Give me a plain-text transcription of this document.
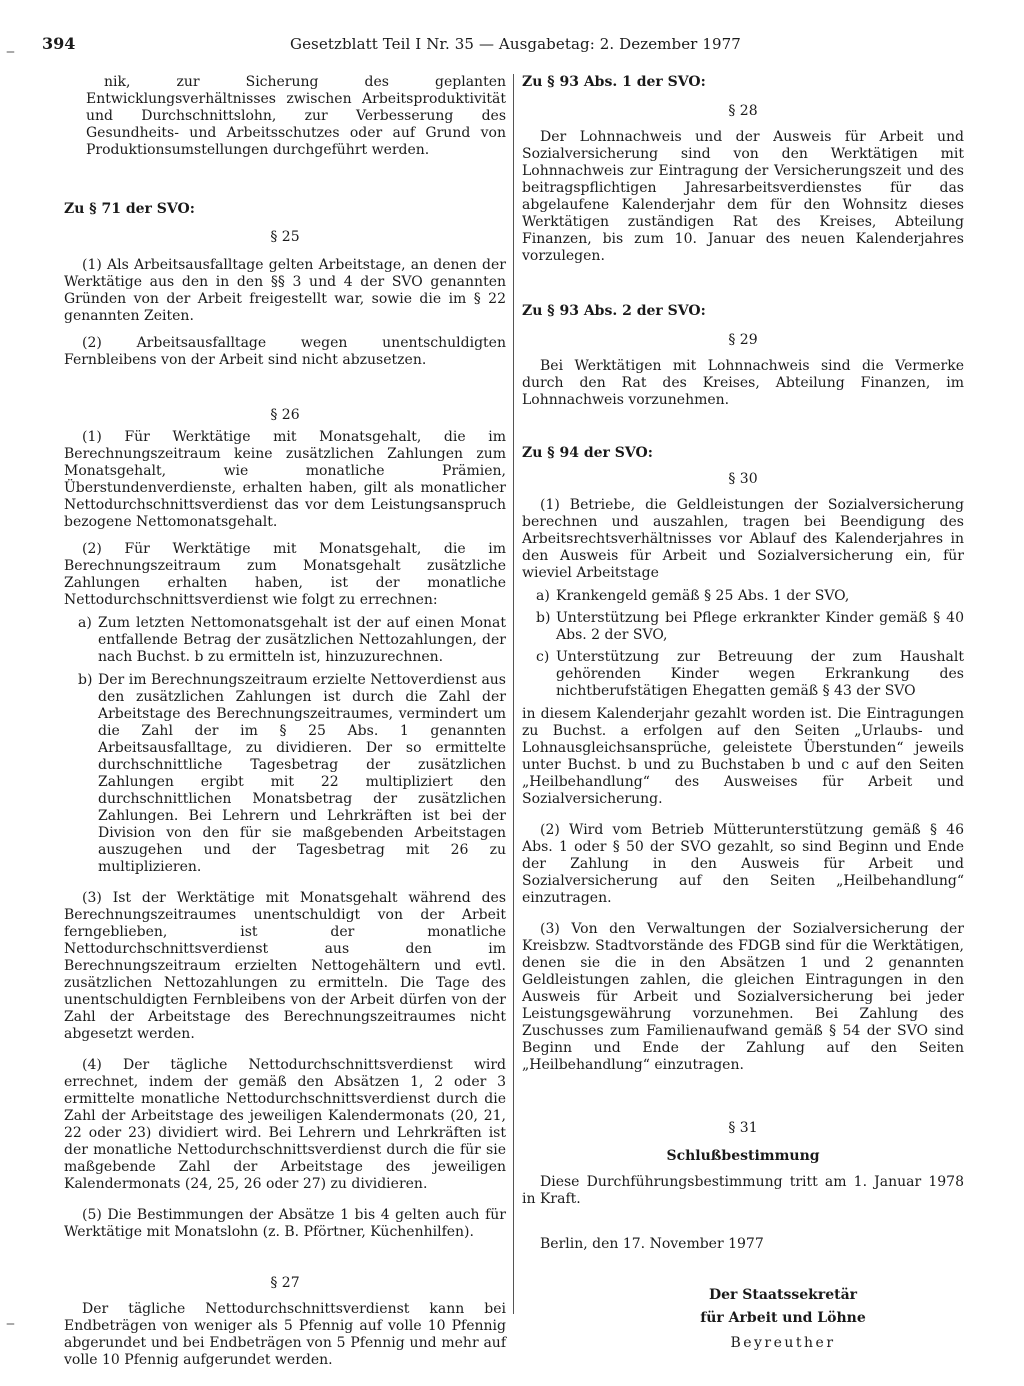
394	Gesetzblatt Teil I Nr. 35 — Ausgabetag: 2. Dezember 1977

nik, zur Sicherung des geplanten Entwicklungsverhältnisses zwischen Arbeitsproduktivität und Durchschnittslohn, zur Verbesserung des Gesundheits- und Arbeitsschutzes oder auf Grund von Produktionsumstellungen durchgeführt werden.

Zu § 71 der SVO:

§ 25

(1) Als Arbeitsausfalltage gelten Arbeitstage, an denen der Werktätige aus den in den §§ 3 und 4 der SVO genannten Gründen von der Arbeit freigestellt war, sowie die im § 22 genannten Zeiten.

(2) Arbeitsausfalltage wegen unentschuldigten Fernbleibens von der Arbeit sind nicht abzusetzen.

§ 26

(1) Für Werktätige mit Monatsgehalt, die im Berechnungszeitraum keine zusätzlichen Zahlungen zum Monatsgehalt, wie monatliche Prämien, Überstundenverdienste, erhalten haben, gilt als monatlicher Nettodurchschnittsverdienst das vor dem Leistungsanspruch bezogene Nettomonatsgehalt.

(2) Für Werktätige mit Monatsgehalt, die im Berechnungszeitraum zum Monatsgehalt zusätzliche Zahlungen erhalten haben, ist der monatliche Nettodurchschnittsverdienst wie folgt zu errechnen:

a) Zum letzten Nettomonatsgehalt ist der auf einen Monat entfallende Betrag der zusätzlichen Nettozahlungen, der nach Buchst. b zu ermitteln ist, hinzuzurechnen.
b) Der im Berechnungszeitraum erzielte Nettoverdienst aus den zusätzlichen Zahlungen ist durch die Zahl der Arbeitstage des Berechnungszeitraumes, vermindert um die Zahl der im § 25 Abs. 1 genannten Arbeitsausfalltage, zu dividieren. Der so ermittelte durchschnittliche Tagesbetrag der zusätzlichen Zahlungen ergibt mit 22 multipliziert den durchschnittlichen Monatsbetrag der zusätzlichen Zahlungen. Bei Lehrern und Lehrkräften ist bei der Division von den für sie maßgebenden Arbeitstagen auszugehen und der Tagesbetrag mit 26 zu multiplizieren.

(3) Ist der Werktätige mit Monatsgehalt während des Berechnungszeitraumes unentschuldigt von der Arbeit ferngeblieben, ist der monatliche Nettodurchschnittsverdienst aus den im Berechnungszeitraum erzielten Nettogehältern und evtl. zusätzlichen Nettozahlungen zu ermitteln. Die Tage des unentschuldigten Fernbleibens von der Arbeit dürfen von der Zahl der Arbeitstage des Berechnungszeitraumes nicht abgesetzt werden.

(4) Der tägliche Nettodurchschnittsverdienst wird errechnet, indem der gemäß den Absätzen 1, 2 oder 3 ermittelte monatliche Nettodurchschnittsverdienst durch die Zahl der Arbeitstage des jeweiligen Kalendermonats (20, 21, 22 oder 23) dividiert wird. Bei Lehrern und Lehrkräften ist der monatliche Nettodurchschnittsverdienst durch die für sie maßgebende Zahl der Arbeitstage des jeweiligen Kalendermonats (24, 25, 26 oder 27) zu dividieren.

(5) Die Bestimmungen der Absätze 1 bis 4 gelten auch für Werktätige mit Monatslohn (z. B. Pförtner, Küchenhilfen).

§ 27

Der tägliche Nettodurchschnittsverdienst kann bei Endbeträgen von weniger als 5 Pfennig auf volle 10 Pfennig abgerundet und bei Endbeträgen von 5 Pfennig und mehr auf volle 10 Pfennig aufgerundet werden.

Zu § 93 Abs. 1 der SVO:

§ 28

Der Lohnnachweis und der Ausweis für Arbeit und Sozialversicherung sind von den Werktätigen mit Lohnnachweis zur Eintragung der Versicherungszeit und des beitragspflichtigen Jahresarbeitsverdienstes für das abgelaufene Kalenderjahr dem für den Wohnsitz dieses Werktätigen zuständigen Rat des Kreises, Abteilung Finanzen, bis zum 10. Januar des neuen Kalenderjahres vorzulegen.

Zu § 93 Abs. 2 der SVO:

§ 29

Bei Werktätigen mit Lohnnachweis sind die Vermerke durch den Rat des Kreises, Abteilung Finanzen, im Lohnnachweis vorzunehmen.

Zu § 94 der SVO:

§ 30

(1) Betriebe, die Geldleistungen der Sozialversicherung berechnen und auszahlen, tragen bei Beendigung des Arbeitsrechtsverhältnisses vor Ablauf des Kalenderjahres in den Ausweis für Arbeit und Sozialversicherung ein, für wieviel Arbeitstage

a) Krankengeld gemäß § 25 Abs. 1 der SVO,
b) Unterstützung bei Pflege erkrankter Kinder gemäß § 40 Abs. 2 der SVO,
c) Unterstützung zur Betreuung der zum Haushalt gehörenden Kinder wegen Erkrankung des nichtberufstätigen Ehegatten gemäß § 43 der SVO

in diesem Kalenderjahr gezahlt worden ist. Die Eintragungen zu Buchst. a erfolgen auf den Seiten „Urlaubs- und Lohnausgleichsansprüche, geleistete Überstunden“ jeweils unter Buchst. b und zu Buchstaben b und c auf den Seiten „Heilbehandlung“ des Ausweises für Arbeit und Sozialversicherung.

(2) Wird vom Betrieb Mütterunterstützung gemäß § 46 Abs. 1 oder § 50 der SVO gezahlt, so sind Beginn und Ende der Zahlung in den Ausweis für Arbeit und Sozialversicherung auf den Seiten „Heilbehandlung“ einzutragen.

(3) Von den Verwaltungen der Sozialversicherung der Kreisbzw. Stadtvorstände des FDGB sind für die Werktätigen, denen sie die in den Absätzen 1 und 2 genannten Geldleistungen zahlen, die gleichen Eintragungen in den Ausweis für Arbeit und Sozialversicherung bei jeder Leistungsgewährung vorzunehmen. Bei Zahlung des Zuschusses zum Familienaufwand gemäß § 54 der SVO sind Beginn und Ende der Zahlung auf den Seiten „Heilbehandlung“ einzutragen.

§ 31

Schlußbestimmung

Diese Durchführungsbestimmung tritt am 1. Januar 1978 in Kraft.

Berlin, den 17. November 1977

Der Staatssekretär

für Arbeit und Löhne

Beyreuther

‒
‒
